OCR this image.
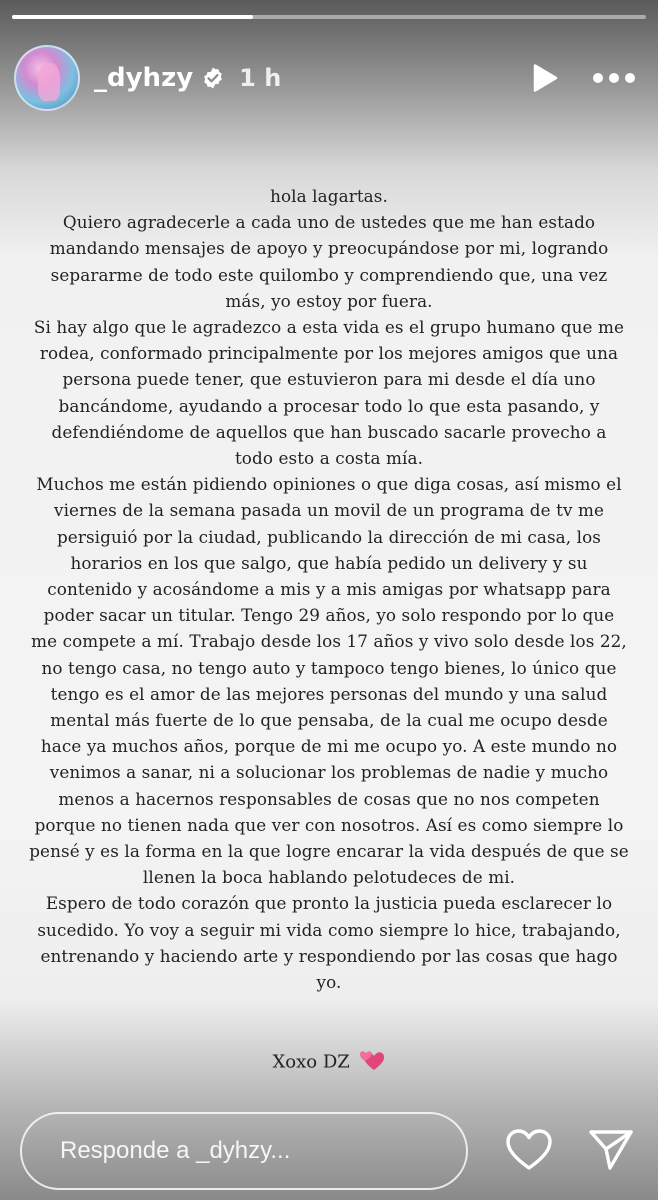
_dyhzy 1 h
hola lagartas.
Quiero agradecerle a cada uno de ustedes que me han estado
mandando mensajes de apoyo y preocupándose por mi, logrando
separarme de todo este quilombo y comprendiendo que, una vez
más, yo estoy por fuera.
Si hay algo que le agradezco a esta vida es el grupo humano que me
rodea, conformado principalmente por los mejores amigos que una
persona puede tener, que estuvieron para mi desde el día uno
bancándome, ayudando a procesar todo lo que esta pasando, y
defendiéndome de aquellos que han buscado sacarle provecho a
todo esto a costa mía.
Muchos me están pidiendo opiniones o que diga cosas, así mismo el
viernes de la semana pasada un movil de un programa de tv me
persiguió por la ciudad, publicando la dirección de mi casa, los
horarios en los que salgo, que había pedido un delivery y su
contenido y acosándome a mis y a mis amigas por whatsapp para
poder sacar un titular. Tengo 29 años, yo solo respondo por lo que
me compete a mí. Trabajo desde los 17 años y vivo solo desde los 22,
no tengo casa, no tengo auto y tampoco tengo bienes, lo único que
tengo es el amor de las mejores personas del mundo y una salud
mental más fuerte de lo que pensaba, de la cual me ocupo desde
hace ya muchos años, porque de mi me ocupo yo. A este mundo no
venimos a sanar, ni a solucionar los problemas de nadie y mucho
menos a hacernos responsables de cosas que no nos competen
porque no tienen nada que ver con nosotros. Así es como siempre lo
pensé y es la forma en la que logre encarar la vida después de que se
llenen la boca hablando pelotudeces de mi.
Espero de todo corazón que pronto la justicia pueda esclarecer lo
sucedido. Yo voy a seguir mi vida como siempre lo hice, trabajando,
entrenando y haciendo arte y respondiendo por las cosas que hago
yo.
Xoxo DZ
Responde a _dyhzy...
